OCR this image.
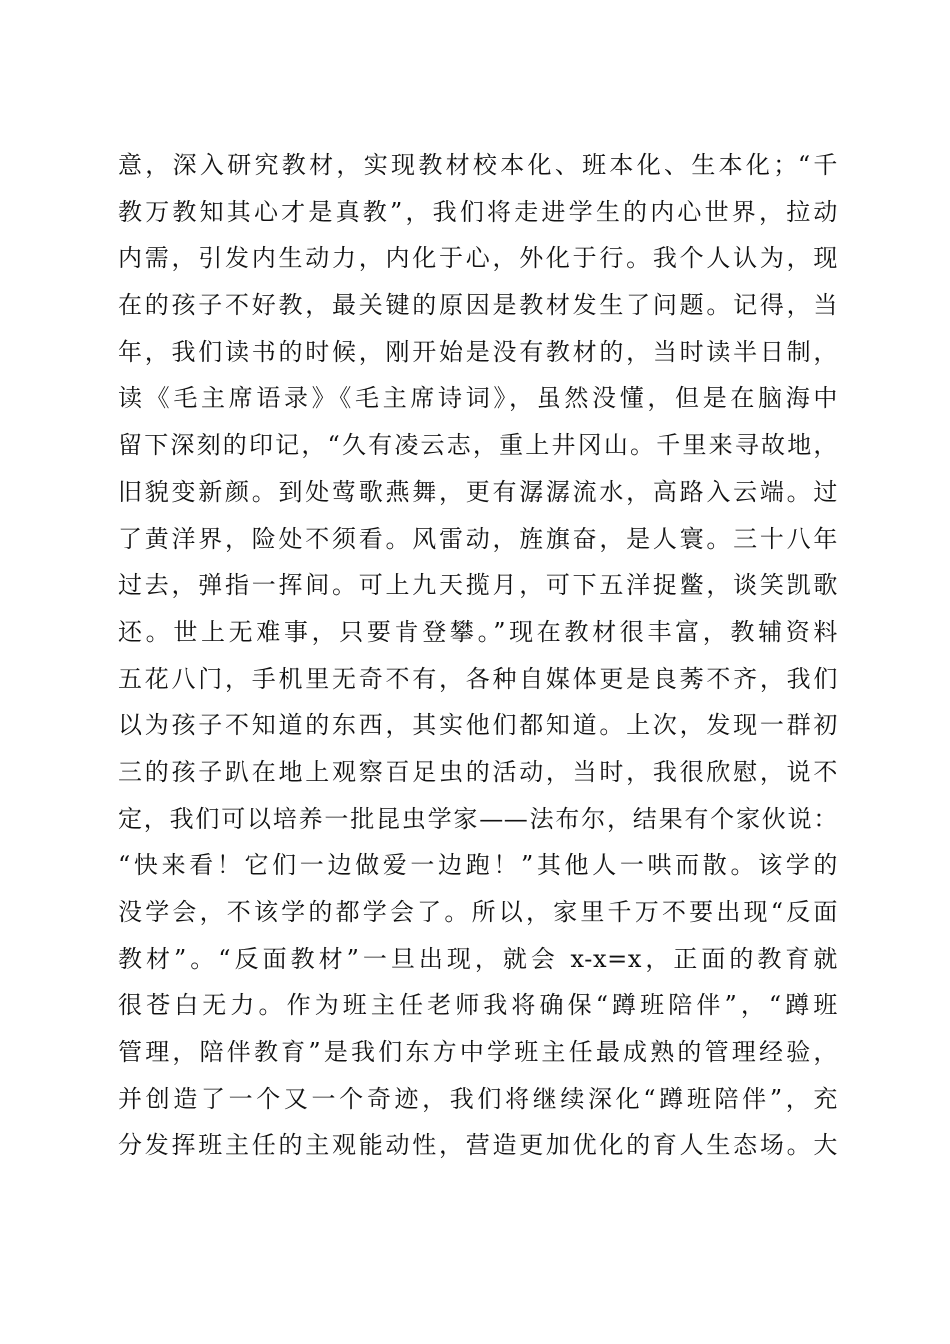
意，深入研究教材，实现教材校本化、班本化、生本化；“千
教万教知其心才是真教”，我们将走进学生的内心世界，拉动
内需，引发内生动力，内化于心，外化于行。我个人认为，现
在的孩子不好教，最关键的原因是教材发生了问题。记得，当
年，我们读书的时候，刚开始是没有教材的，当时读半日制，
读《毛主席语录》《毛主席诗词》，虽然没懂，但是在脑海中
留下深刻的印记，“久有凌云志，重上井冈山。千里来寻故地，
旧貌变新颜。到处莺歌燕舞，更有潺潺流水，高路入云端。过
了黄洋界，险处不须看。风雷动，旌旗奋，是人寰。三十八年
过去，弹指一挥间。可上九天揽月，可下五洋捉鳖，谈笑凯歌
还。世上无难事，只要肯登攀。”现在教材很丰富，教辅资料
五花八门，手机里无奇不有，各种自媒体更是良莠不齐，我们
以为孩子不知道的东西，其实他们都知道。上次，发现一群初
三的孩子趴在地上观察百足虫的活动，当时，我很欣慰，说不
定，我们可以培养一批昆虫学家——法布尔，结果有个家伙说：
“快来看！它们一边做爱一边跑！”其他人一哄而散。该学的
没学会，不该学的都学会了。所以，家里千万不要出现“反面
教材”。“反面教材”一旦出现，就会 x-x=x，正面的教育就
很苍白无力。作为班主任老师我将确保“蹲班陪伴”，“蹲班
管理，陪伴教育”是我们东方中学班主任最成熟的管理经验，
并创造了一个又一个奇迹，我们将继续深化“蹲班陪伴”，充
分发挥班主任的主观能动性，营造更加优化的育人生态场。大
